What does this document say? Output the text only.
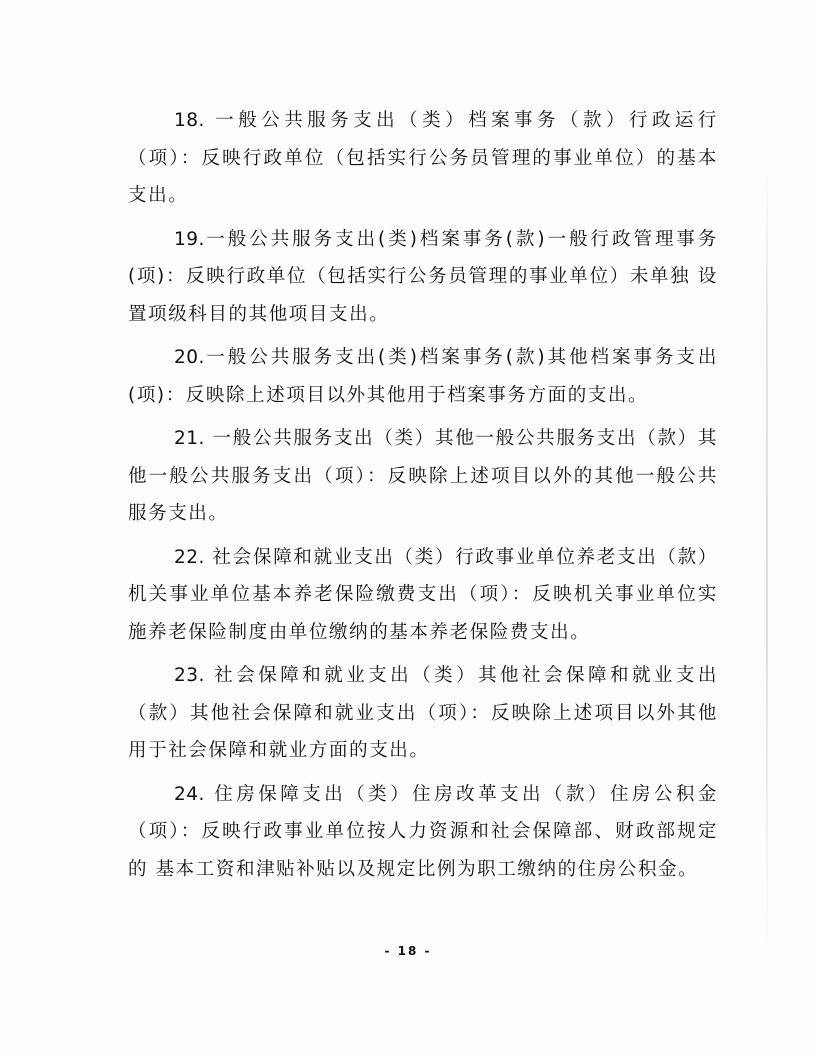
18. 一般公共服务支出（类）档案事务（款）行政运行（项）：反映行政单位（包括实行公务员管理的事业单位）的基本支出。

19.一般公共服务支出(类)档案事务(款)一般行政管理事务(项)：反映行政单位（包括实行公务员管理的事业单位）未单独 设置项级科目的其他项目支出。

20.一般公共服务支出(类)档案事务(款)其他档案事务支出(项)：反映除上述项目以外其他用于档案事务方面的支出。

21. 一般公共服务支出（类）其他一般公共服务支出（款）其他一般公共服务支出（项）：反映除上述项目以外的其他一般公共服务支出。

22. 社会保障和就业支出（类）行政事业单位养老支出（款）机关事业单位基本养老保险缴费支出（项）：反映机关事业单位实施养老保险制度由单位缴纳的基本养老保险费支出。

23. 社会保障和就业支出（类）其他社会保障和就业支出（款）其他社会保障和就业支出（项）：反映除上述项目以外其他用于社会保障和就业方面的支出。

24. 住房保障支出（类）住房改革支出（款）住房公积金（项）：反映行政事业单位按人力资源和社会保障部、财政部规定的 基本工资和津贴补贴以及规定比例为职工缴纳的住房公积金。

- 18 -
